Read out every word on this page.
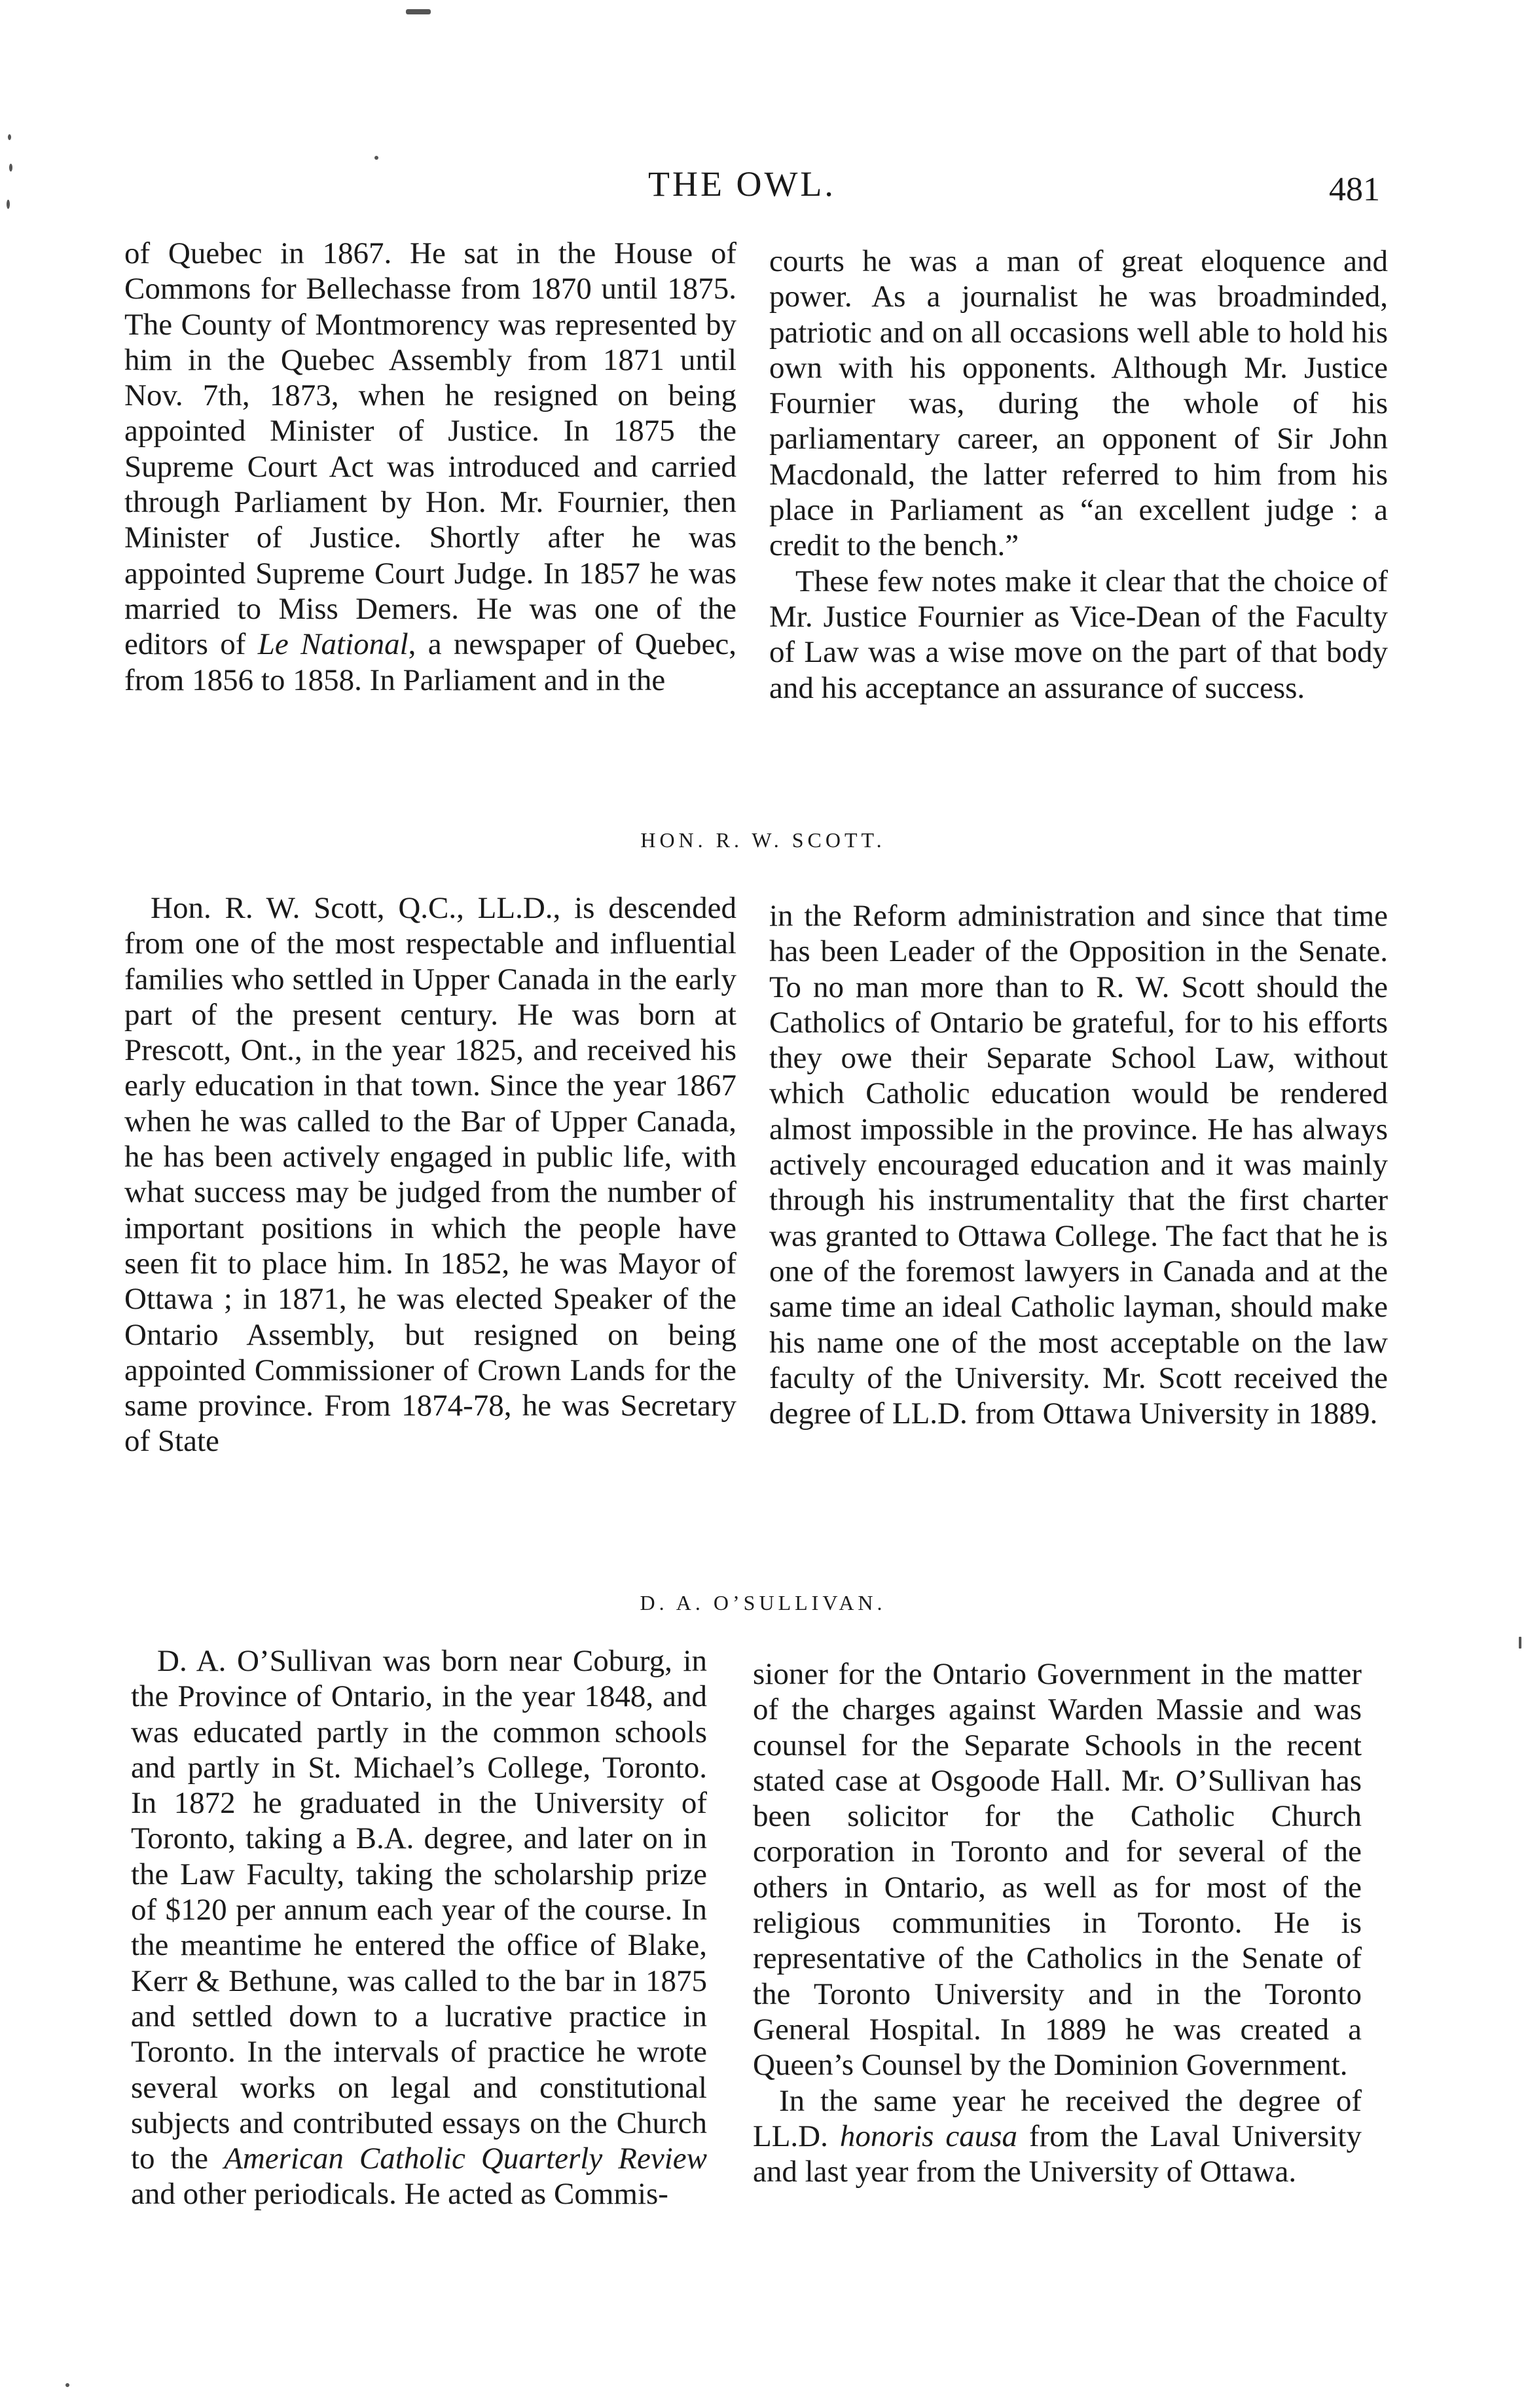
THE OWL.	481

of Quebec in 1867. He sat in the House of Commons for Bellechasse from 1870 until 1875. The County of Montmorency was represented by him in the Quebec Assembly from 1871 until Nov. 7th, 1873, when he resigned on being appointed Minister of Justice. In 1875 the Supreme Court Act was introduced and carried through Parliament by Hon. Mr. Fournier, then Minister of Justice. Shortly after he was appointed Supreme Court Judge. In 1857 he was married to Miss Demers. He was one of the editors of Le National, a newspaper of Quebec, from 1856 to 1858. In Parliament and in the

courts he was a man of great eloquence and power. As a journalist he was broadminded, patriotic and on all occasions well able to hold his own with his opponents. Although Mr. Justice Fournier was, during the whole of his parliamentary career, an opponent of Sir John Macdonald, the latter referred to him from his place in Parliament as “an excellent judge : a credit to the bench.”

These few notes make it clear that the choice of Mr. Justice Fournier as Vice-Dean of the Faculty of Law was a wise move on the part of that body and his acceptance an assurance of success.

HON. R. W. SCOTT.

Hon. R. W. Scott, Q.C., LL.D., is descended from one of the most respectable and influential families who settled in Upper Canada in the early part of the present century. He was born at Prescott, Ont., in the year 1825, and received his early education in that town. Since the year 1867 when he was called to the Bar of Upper Canada, he has been actively engaged in public life, with what success may be judged from the number of important positions in which the people have seen fit to place him. In 1852, he was Mayor of Ottawa ; in 1871, he was elected Speaker of the Ontario Assembly, but resigned on being appointed Commissioner of Crown Lands for the same province. From 1874-78, he was Secretary of State

in the Reform administration and since that time has been Leader of the Opposition in the Senate. To no man more than to R. W. Scott should the Catholics of Ontario be grateful, for to his efforts they owe their Separate School Law, without which Catholic education would be rendered almost impossible in the province. He has always actively encouraged education and it was mainly through his instrumentality that the first charter was granted to Ottawa College. The fact that he is one of the foremost lawyers in Canada and at the same time an ideal Catholic layman, should make his name one of the most acceptable on the law faculty of the University. Mr. Scott received the degree of LL.D. from Ottawa University in 1889.

D. A. O’SULLIVAN.

D. A. O’Sullivan was born near Coburg, in the Province of Ontario, in the year 1848, and was educated partly in the common schools and partly in St. Michael’s College, Toronto. In 1872 he graduated in the University of Toronto, taking a B.A. degree, and later on in the Law Faculty, taking the scholarship prize of $120 per annum each year of the course. In the meantime he entered the office of Blake, Kerr & Bethune, was called to the bar in 1875 and settled down to a lucrative practice in Toronto. In the intervals of practice he wrote several works on legal and constitutional subjects and contributed essays on the Church to the American Catholic Quarterly Review and other periodicals. He acted as Commis-

sioner for the Ontario Government in the matter of the charges against Warden Massie and was counsel for the Separate Schools in the recent stated case at Osgoode Hall. Mr. O’Sullivan has been solicitor for the Catholic Church corporation in Toronto and for several of the others in Ontario, as well as for most of the religious communities in Toronto. He is representative of the Catholics in the Senate of the Toronto University and in the Toronto General Hospital. In 1889 he was created a Queen’s Counsel by the Dominion Government.

In the same year he received the degree of LL.D. honoris causa from the Laval University and last year from the University of Ottawa.
